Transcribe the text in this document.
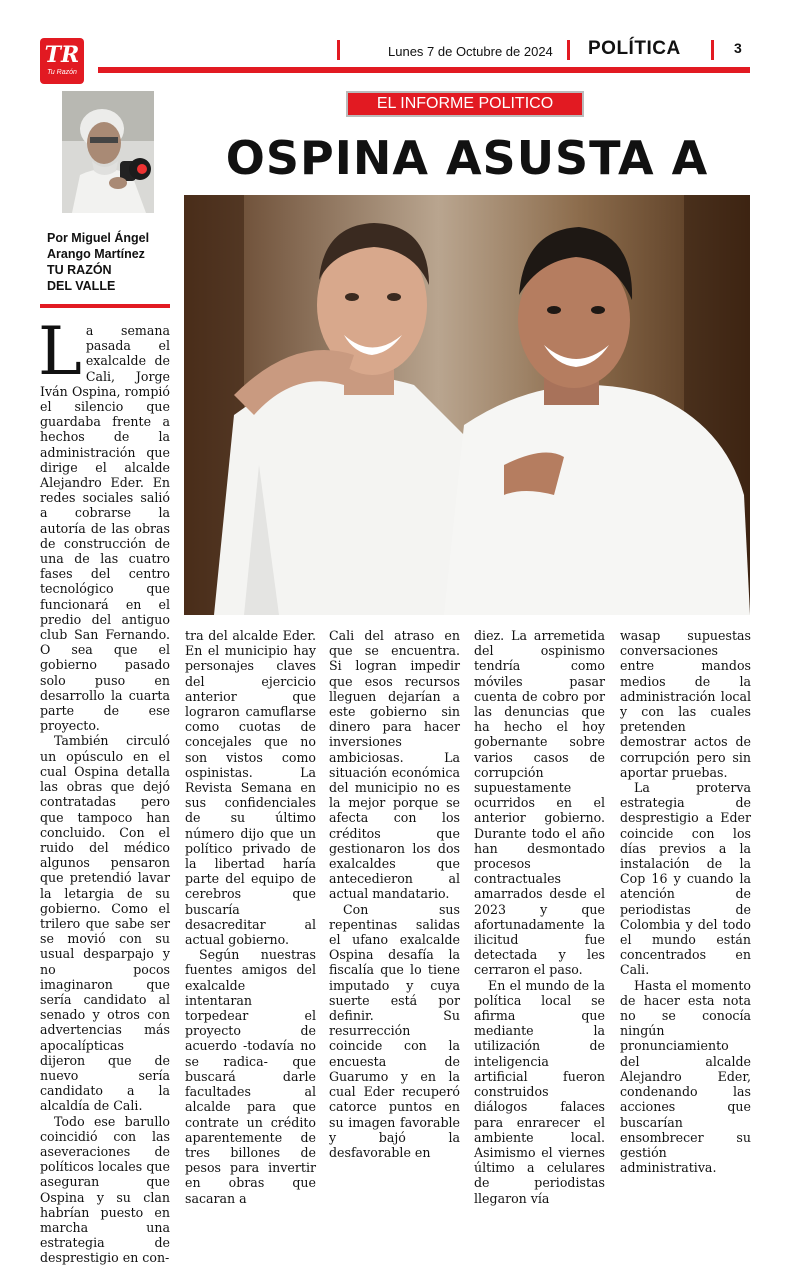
TR
Tu Razón
Lunes 7 de Octubre de 2024 POLÍTICA	3
Por Miguel Ángel
Arango Martínez
TU RAZÓN
DEL VALLE
EL INFORME POLITICO
OSPINA ASUSTA A

La semana pasada el exalcalde de Cali, Jorge Iván Ospina, rompió el silencio que guardaba frente a hechos de la administración que dirige el alcalde Alejandro Eder. En redes sociales salió a cobrarse la autoría de las obras de construcción de una de las cuatro fases del centro tecnológico que funcionará en el predio del antiguo club San Fernando. O sea que el gobierno pasado solo puso en desarrollo la cuarta parte de ese proyecto.

También circuló un opúsculo en el cual Ospina detalla las obras que dejó contratadas pero que tampoco han concluido. Con el ruido del médico algunos pensaron que pretendió lavar la letargia de su gobierno. Como el trilero que sabe ser se movió con su usual desparpajo y no pocos imaginaron que sería candidato al senado y otros con advertencias más apocalípticas dijeron que de nuevo sería candidato a la alcaldía de Cali.

Todo ese barullo coincidió con las aseveraciones de políticos locales que aseguran que Ospina y su clan habrían puesto en marcha una estrategia de desprestigio en con-

tra del alcalde Eder. En el municipio hay personajes claves del ejercicio anterior que lograron camuflarse como cuotas de concejales que no son vistos como ospinistas. La Revista Semana en sus confidenciales de su último número dijo que un político privado de la libertad haría parte del equipo de cerebros que buscaría desacreditar al actual gobierno.

Según nuestras fuentes amigos del exalcalde intentaran torpedear el proyecto de acuerdo -todavía no se radica- que buscará darle facultades al alcalde para que contrate un crédito aparentemente de tres billones de pesos para invertir en obras que sacaran a

Cali del atraso en que se encuentra. Si logran impedir que esos recursos lleguen dejarían a este gobierno sin dinero para hacer inversiones ambiciosas. La situación económica del municipio no es la mejor porque se afecta con los créditos que gestionaron los dos exalcaldes que antecedieron al actual mandatario.

Con sus repentinas salidas el ufano exalcalde Ospina desafía la fiscalía que lo tiene imputado y cuya suerte está por definir. Su resurrección coincide con la encuesta de Guarumo y en la cual Eder recuperó catorce puntos en su imagen favorable y bajó la desfavorable en

diez. La arremetida del ospinismo tendría como móviles pasar cuenta de cobro por las denuncias que ha hecho el hoy gobernante sobre varios casos de corrupción supuestamente ocurridos en el anterior gobierno. Durante todo el año han desmontado procesos contractuales amarrados desde el 2023 y que afortunadamente la ilicitud fue detectada y les cerraron el paso.

En el mundo de la política local se afirma que mediante la utilización de inteligencia artificial fueron construidos diálogos falaces para enrarecer el ambiente local. Asimismo el viernes último a celulares de periodistas llegaron vía

wasap supuestas conversaciones entre mandos medios de la administración local y con las cuales pretenden demostrar actos de corrupción pero sin aportar pruebas.

La proterva estrategia de desprestigio a Eder coincide con los días previos a la instalación de la Cop 16 y cuando la atención de periodistas de Colombia y del todo el mundo están concentrados en Cali.

Hasta el momento de hacer esta nota no se conocía ningún pronunciamiento del alcalde Alejandro Eder, condenando las acciones que buscarían ensombrecer su gestión administrativa.
